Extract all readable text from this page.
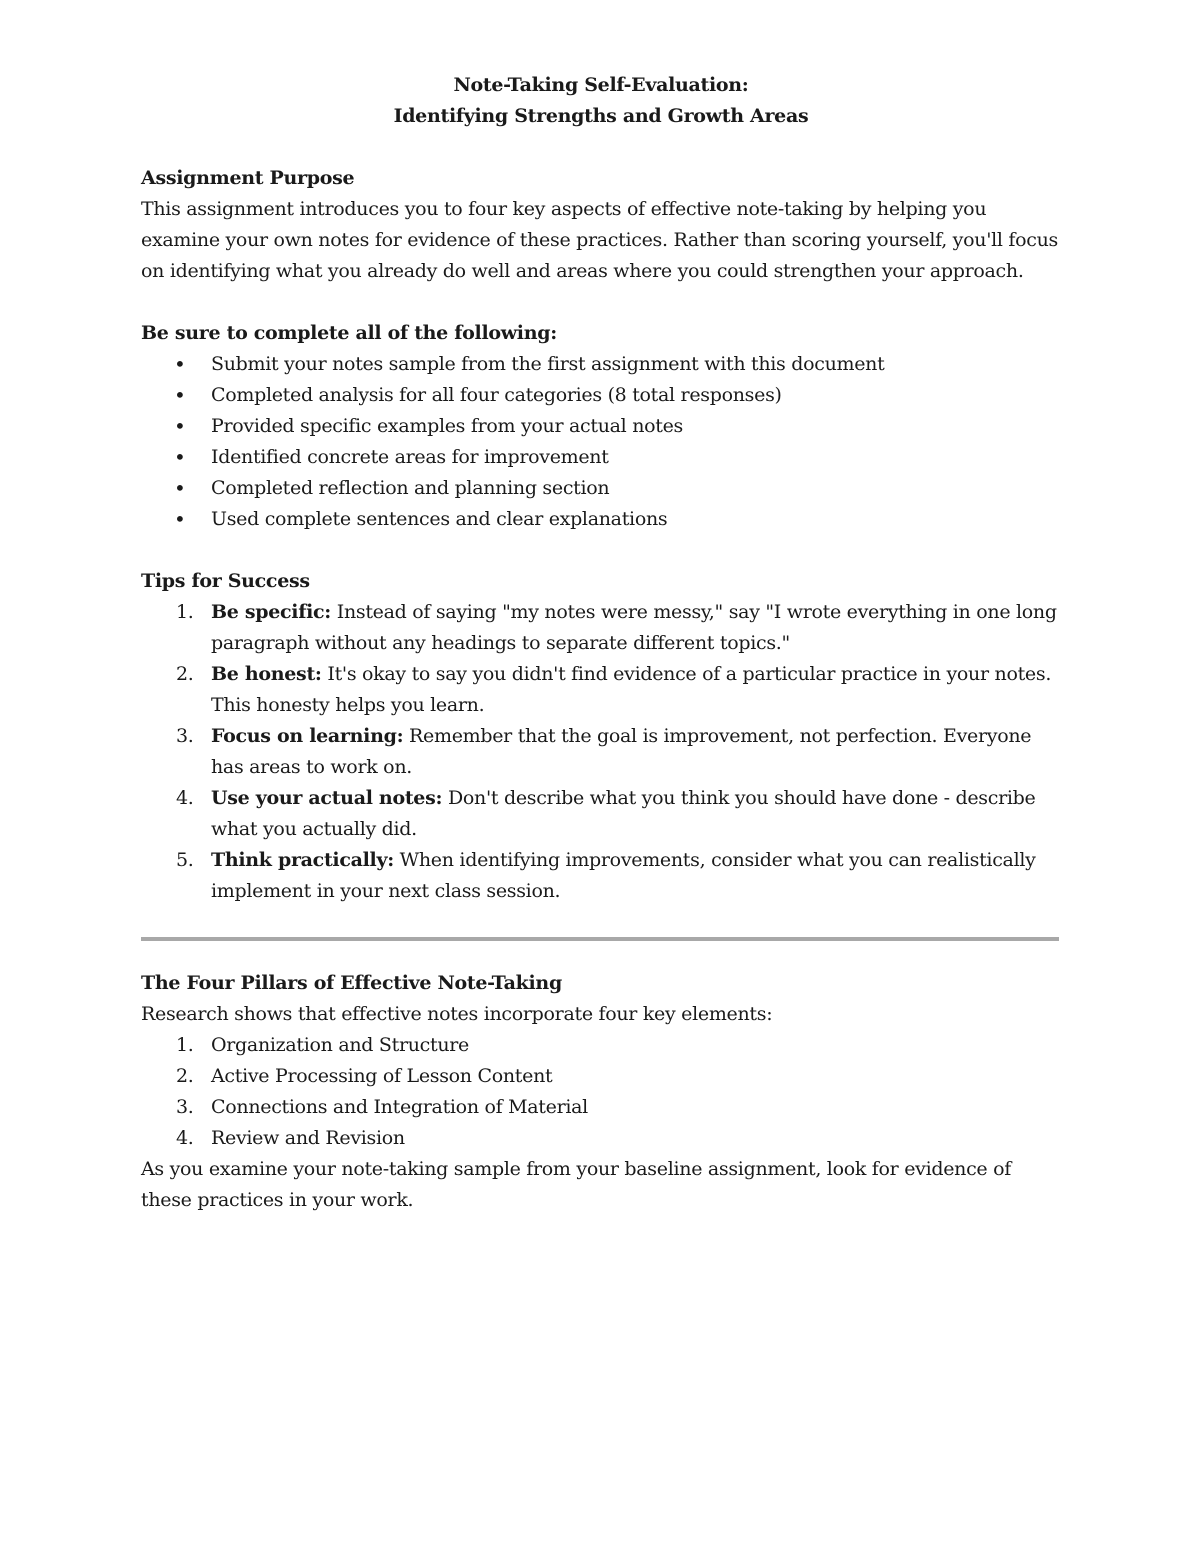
Note-Taking Self-Evaluation:
Identifying Strengths and Growth Areas

Assignment Purpose

This assignment introduces you to four key aspects of effective note-taking by helping you examine your own notes for evidence of these practices. Rather than scoring yourself, you'll focus on identifying what you already do well and areas where you could strengthen your approach.

Be sure to complete all of the following:

• Submit your notes sample from the first assignment with this document
• Completed analysis for all four categories (8 total responses)
• Provided specific examples from your actual notes
• Identified concrete areas for improvement
• Completed reflection and planning section
• Used complete sentences and clear explanations

Tips for Success

1. Be specific: Instead of saying "my notes were messy," say "I wrote everything in one long paragraph without any headings to separate different topics."
2. Be honest: It's okay to say you didn't find evidence of a particular practice in your notes. This honesty helps you learn.
3. Focus on learning: Remember that the goal is improvement, not perfection. Everyone has areas to work on.
4. Use your actual notes: Don't describe what you think you should have done - describe what you actually did.
5. Think practically: When identifying improvements, consider what you can realistically implement in your next class session.

The Four Pillars of Effective Note-Taking

Research shows that effective notes incorporate four key elements:

1. Organization and Structure
2. Active Processing of Lesson Content
3. Connections and Integration of Material
4. Review and Revision

As you examine your note-taking sample from your baseline assignment, look for evidence of these practices in your work.
